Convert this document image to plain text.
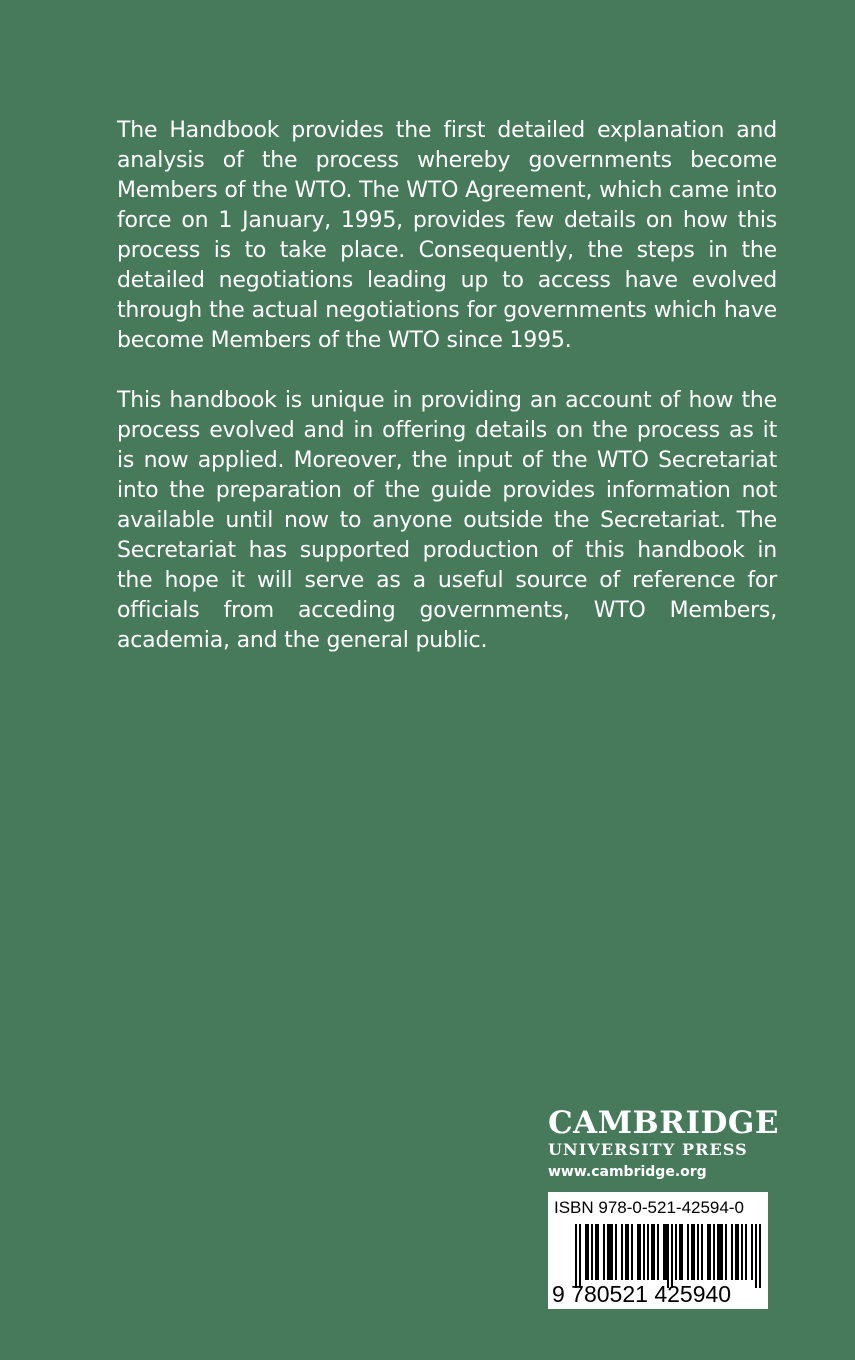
The Handbook provides the first detailed explanation and analysis of the process whereby governments become Members of the WTO. The WTO Agreement, which came into force on 1 January, 1995, provides few details on how this process is to take place. Consequently, the steps in the detailed negotiations leading up to access have evolved through the actual negotiations for governments which have become Members of the WTO since 1995.

This handbook is unique in providing an account of how the process evolved and in offering details on the process as it is now applied. Moreover, the input of the WTO Secretariat into the preparation of the guide provides information not available until now to anyone outside the Secretariat. The Secretariat has supported production of this handbook in the hope it will serve as a useful source of reference for officials from acceding governments, WTO Members, academia, and the general public.

CAMBRIDGE
UNIVERSITY PRESS
www.cambridge.org
ISBN 978-0-521-42594-0
9 780521 425940
